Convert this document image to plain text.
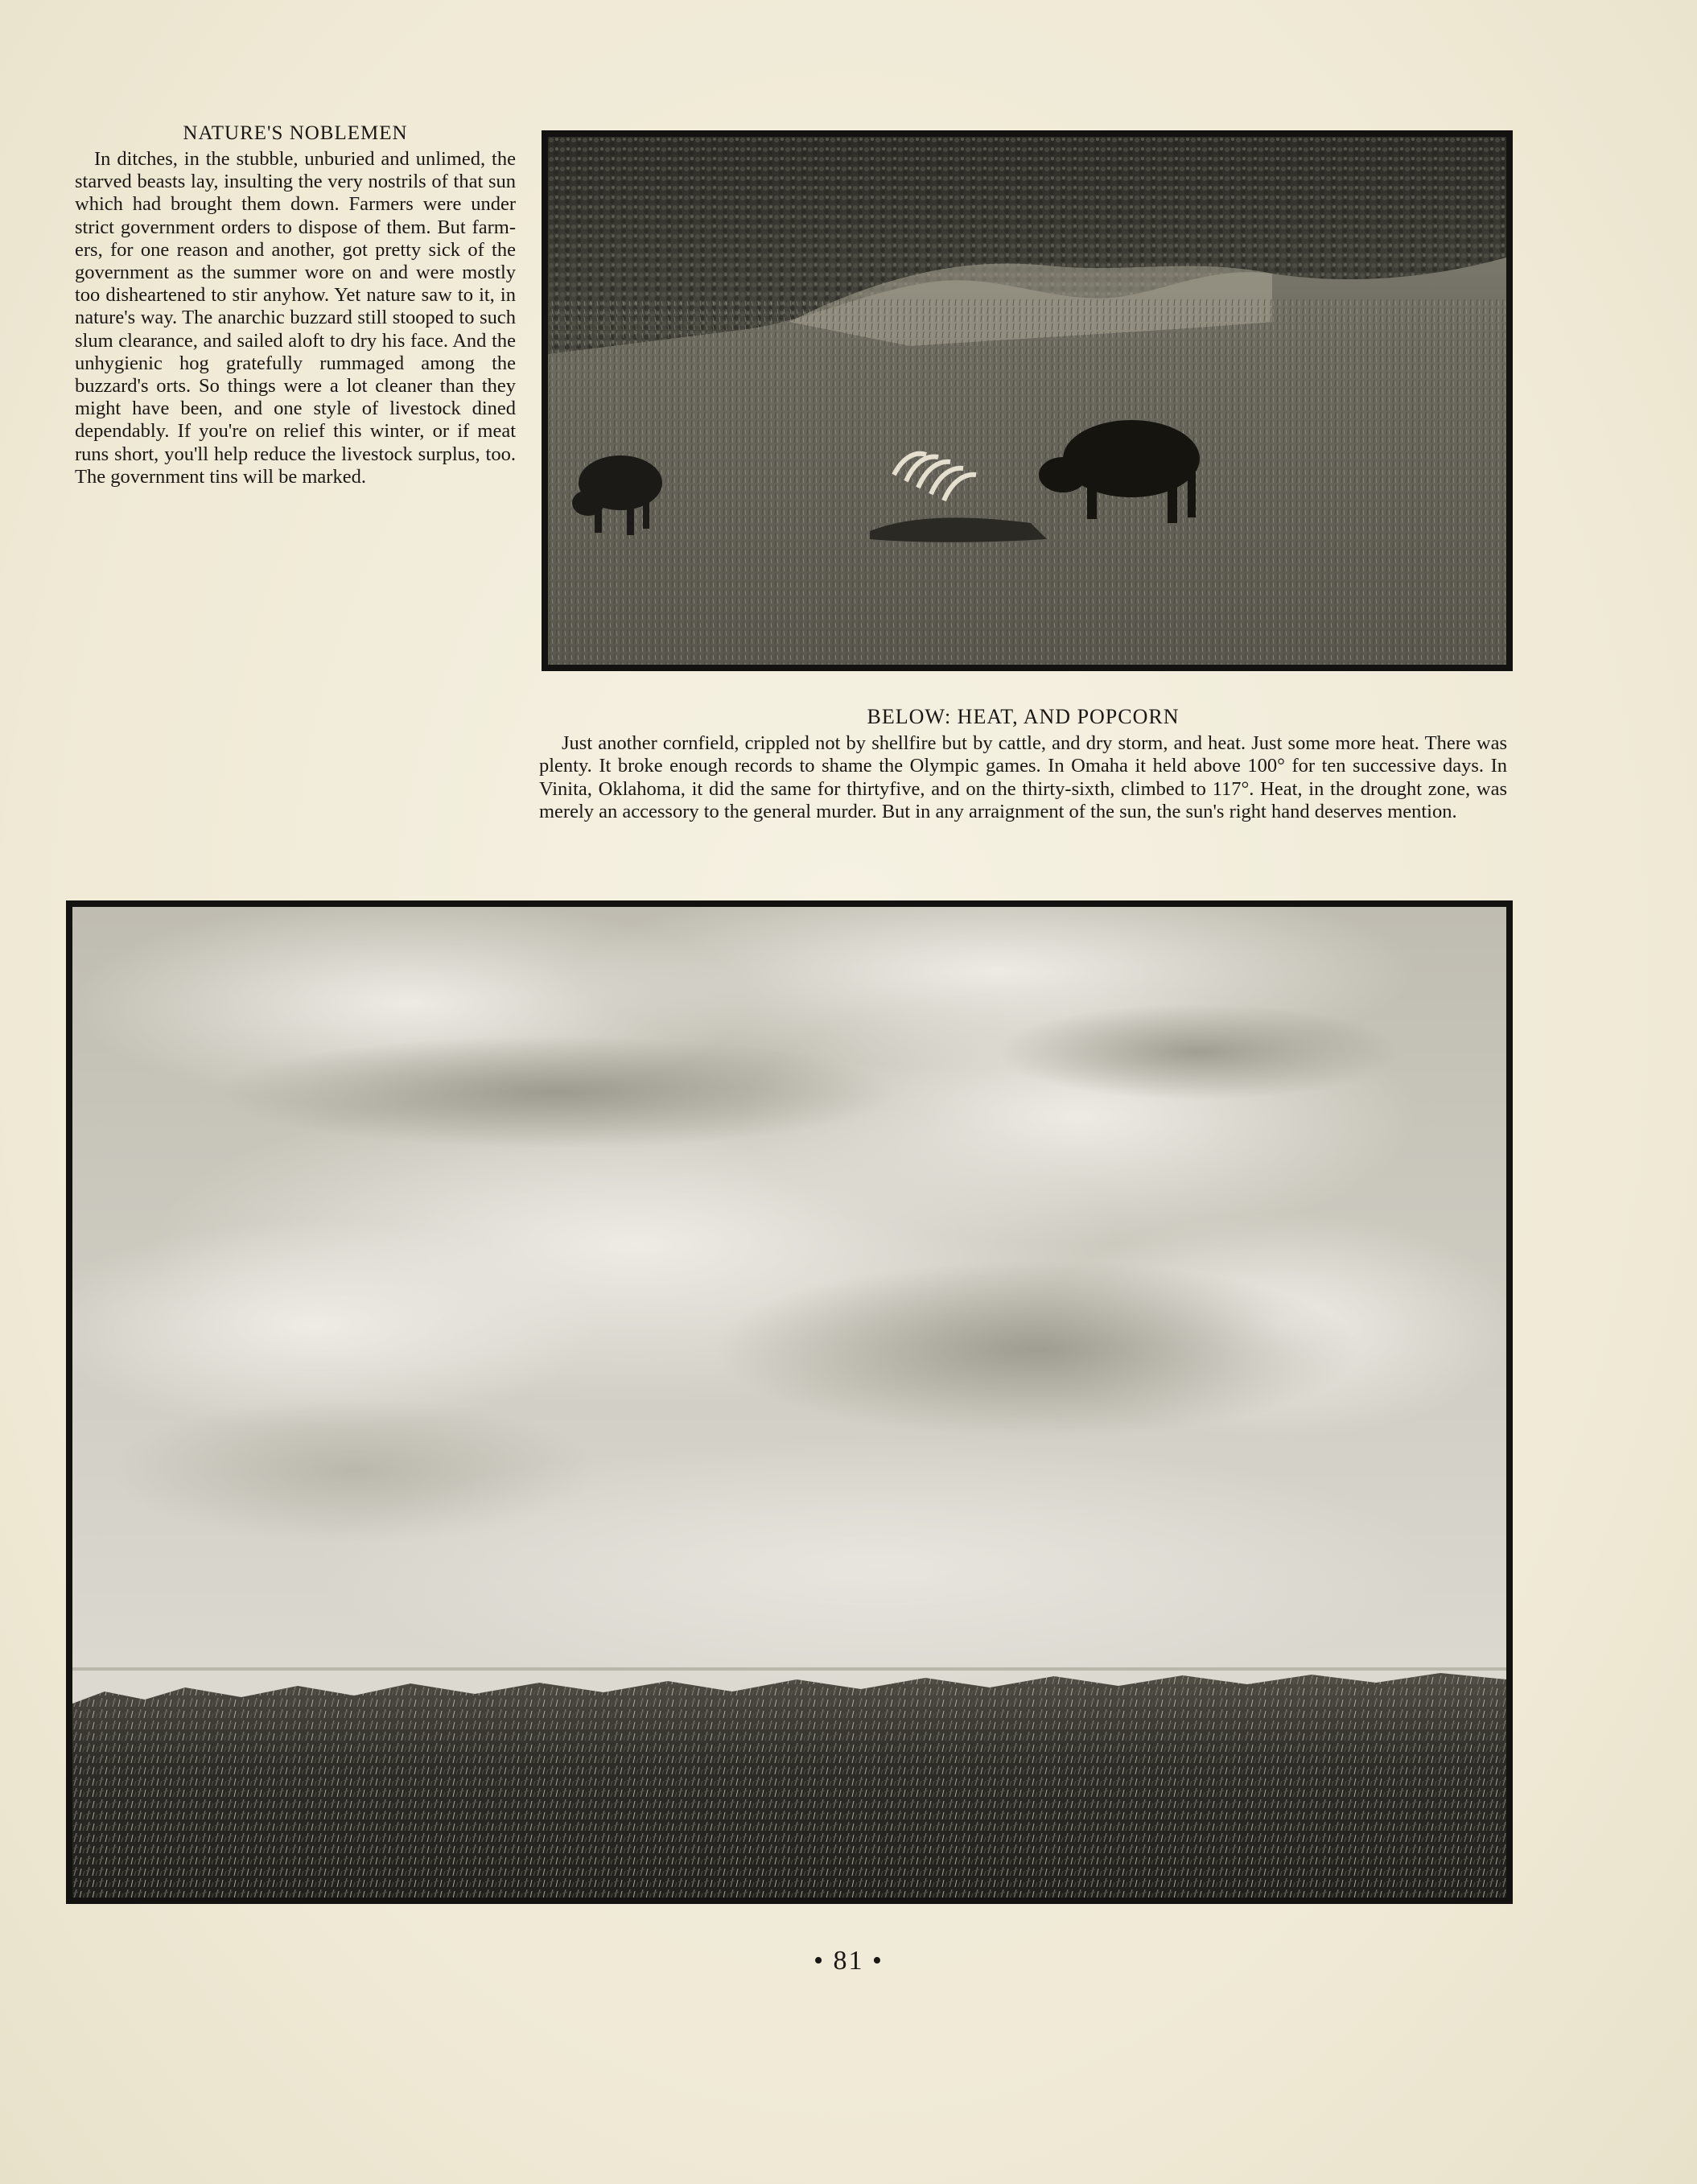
NATURE'S NOBLEMEN

In ditches, in the stubble, unburied and unlimed, the starved beasts lay, insulting the very nostrils of that sun which had brought them down. Farmers were under strict government orders to dispose of them. But farmers, for one reason and another, got pretty sick of the government as the summer wore on and were mostly too disheartened to stir anyhow. Yet nature saw to it, in nature's way. The anarchic buzzard still stooped to such slum clearance, and sailed aloft to dry his face. And the unhygienic hog gratefully rummaged among the buzzard's orts. So things were a lot cleaner than they might have been, and one style of livestock dined dependably. If you're on relief this winter, or if meat runs short, you'll help reduce the livestock surplus, too. The government tins will be marked.

BELOW: HEAT, AND POPCORN

Just another cornfield, crippled not by shellfire but by cattle, and dry storm, and heat. Just some more heat. There was plenty. It broke enough records to shame the Olympic games. In Omaha it held above 100° for ten successive days. In Vinita, Oklahoma, it did the same for thirtyfive, and on the thirty-sixth, climbed to 117°. Heat, in the drought zone, was merely an accessory to the general murder. But in any arraignment of the sun, the sun's right hand deserves mention.

• 81 •
